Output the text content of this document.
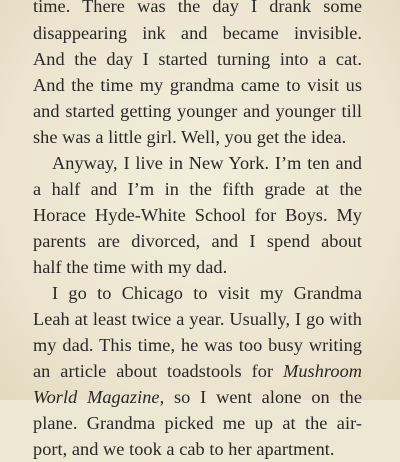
time. There was the day I drank some
disappearing ink and became invisible.
And the day I started turning into a cat.
And the time my grandma came to visit us
and started getting younger and younger till
she was a little girl. Well, you get the idea.
Anyway, I live in New York. I’m ten and
a half and I’m in the fifth grade at the
Horace Hyde-White School for Boys. My
parents are divorced, and I spend about
half the time with my dad.
I go to Chicago to visit my Grandma
Leah at least twice a year. Usually, I go with
my dad. This time, he was too busy writing
an article about toadstools for Mushroom
World Magazine, so I went alone on the
plane. Grandma picked me up at the air-
port, and we took a cab to her apartment.
